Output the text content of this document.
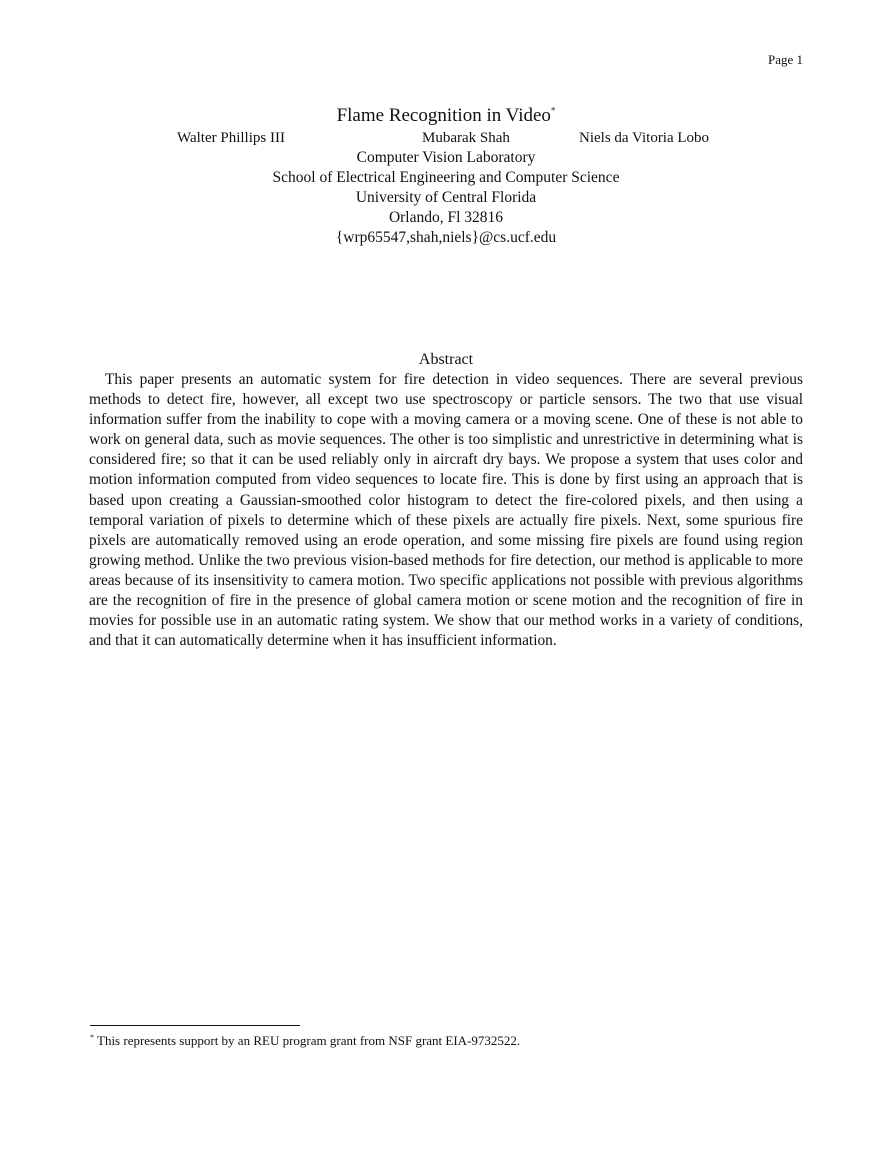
Page 1
Flame Recognition in Video*
Walter Phillips III	Mubarak Shah	Niels da Vitoria Lobo
Computer Vision Laboratory
School of Electrical Engineering and Computer Science
University of Central Florida
Orlando, Fl 32816
{wrp65547,shah,niels}@cs.ucf.edu
Abstract

This paper presents an automatic system for fire detection in video sequences. There are several previous methods to detect fire, however, all except two use spectroscopy or particle sensors. The two that use visual information suffer from the inability to cope with a moving camera or a moving scene. One of these is not able to work on general data, such as movie sequences. The other is too simplistic and unrestrictive in determining what is considered fire; so that it can be used reliably only in aircraft dry bays. We propose a system that uses color and motion information computed from video sequences to locate fire. This is done by first using an approach that is based upon creating a Gaussian-smoothed color histogram to detect the fire-colored pixels, and then using a temporal variation of pixels to determine which of these pixels are actually fire pixels. Next, some spurious fire pixels are automatically removed using an erode operation, and some missing fire pixels are found using region growing method. Unlike the two previous vision-based methods for fire detection, our method is applicable to more areas because of its insensitivity to camera motion. Two specific applications not possible with previous algorithms are the recognition of fire in the presence of global camera motion or scene motion and the recognition of fire in movies for possible use in an automatic rating system. We show that our method works in a variety of conditions, and that it can automatically determine when it has insufficient information.

* This represents support by an REU program grant from NSF grant EIA-9732522.
